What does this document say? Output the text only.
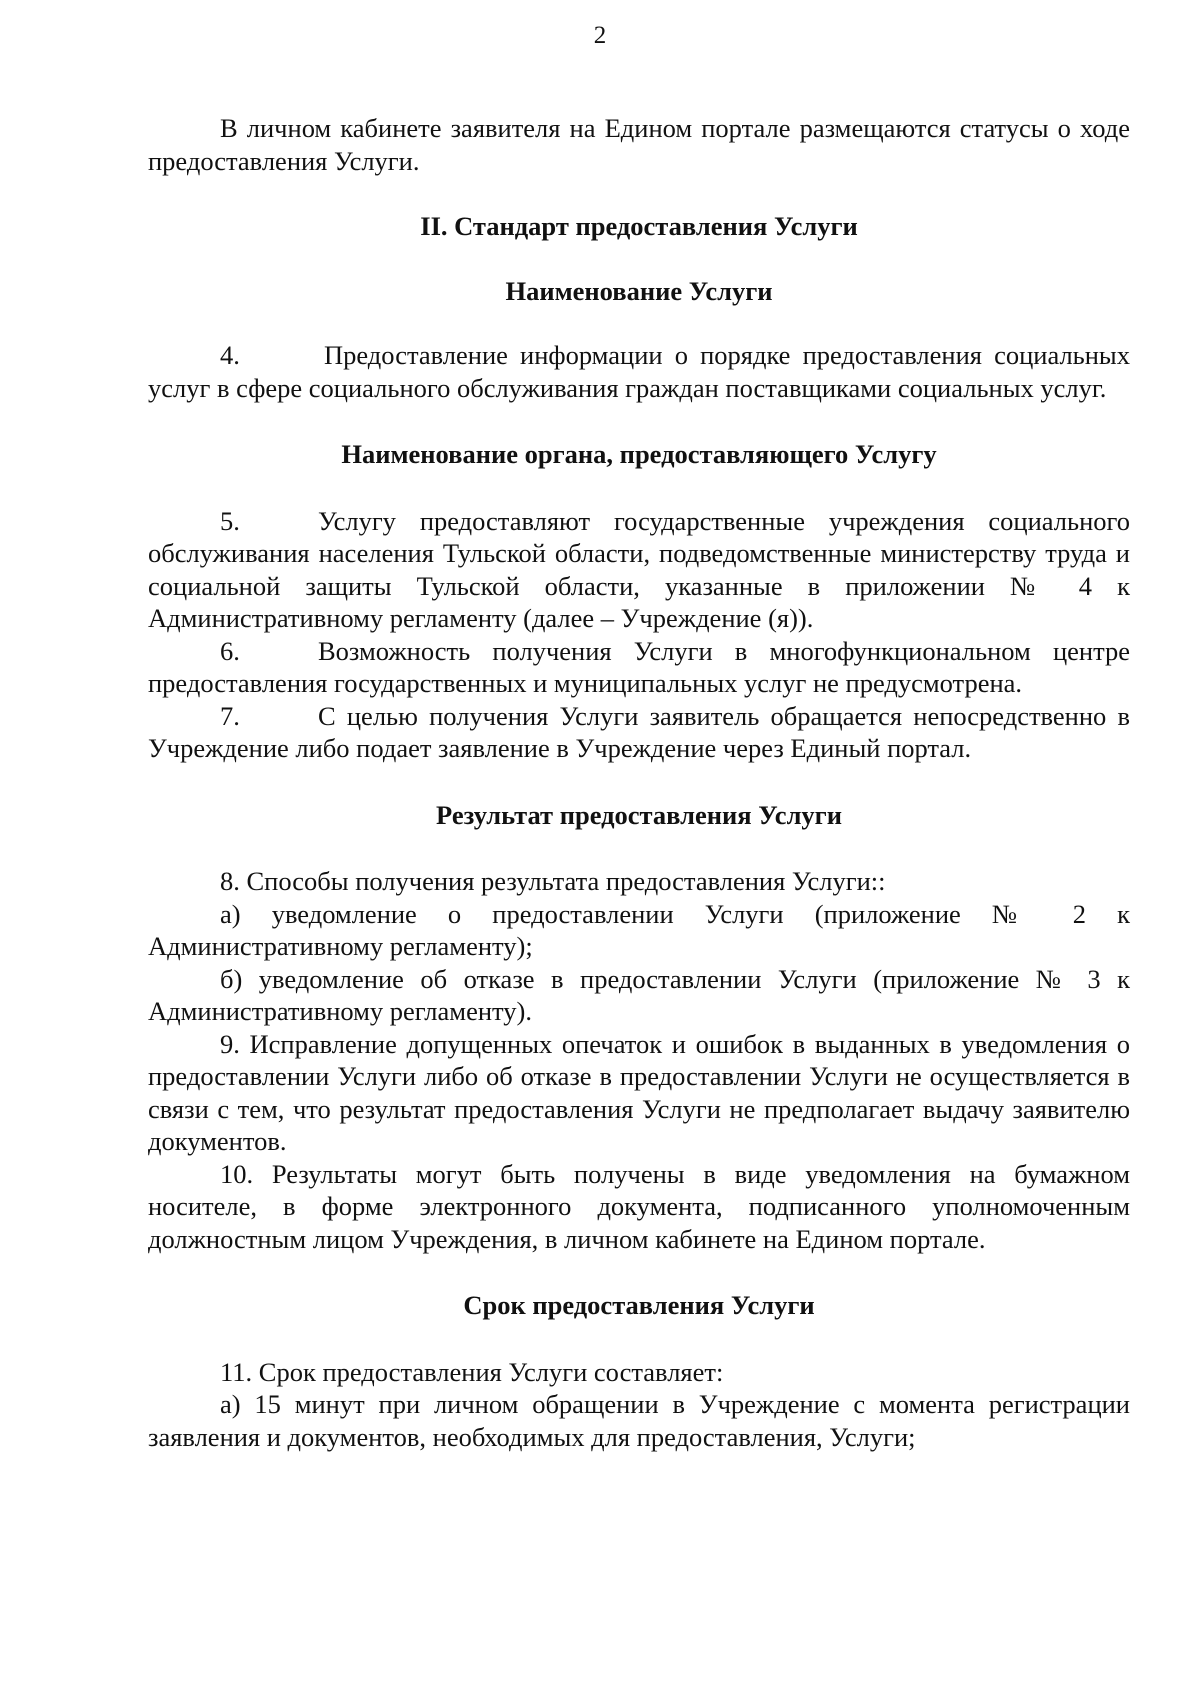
2

В личном кабинете заявителя на Едином портале размещаются статусы о ходе предоставления Услуги.

II. Стандарт предоставления Услуги

Наименование Услуги

4.	Предоставление информации о порядке предоставления социальных услуг в сфере социального обслуживания граждан поставщиками социальных услуг.

Наименование органа, предоставляющего Услугу

5.	Услугу предоставляют государственные учреждения социального обслуживания населения Тульской области, подведомственные министерству труда и социальной защиты Тульской области, указанные в приложении № 4 к Административному регламенту (далее – Учреждение (я)).

6.	Возможность получения Услуги в многофункциональном центре предоставления государственных и муниципальных услуг не предусмотрена.

7.	С целью получения Услуги заявитель обращается непосредственно в Учреждение либо подает заявление в Учреждение через Единый портал.

Результат предоставления Услуги

8. Способы получения результата предоставления Услуги::

а) уведомление о предоставлении Услуги (приложение № 2 к Административному регламенту);

б) уведомление об отказе в предоставлении Услуги (приложение № 3 к Административному регламенту).

9. Исправление допущенных опечаток и ошибок в выданных в уведомления о предоставлении Услуги либо об отказе в предоставлении Услуги не осуществляется в связи с тем, что результат предоставления Услуги не предполагает выдачу заявителю документов.

10. Результаты могут быть получены в виде уведомления на бумажном носителе, в форме электронного документа, подписанного уполномоченным должностным лицом Учреждения, в личном кабинете на Едином портале.

Срок предоставления Услуги

11. Срок предоставления Услуги составляет:

а) 15 минут при личном обращении в Учреждение с момента регистрации заявления и документов, необходимых для предоставления, Услуги;
